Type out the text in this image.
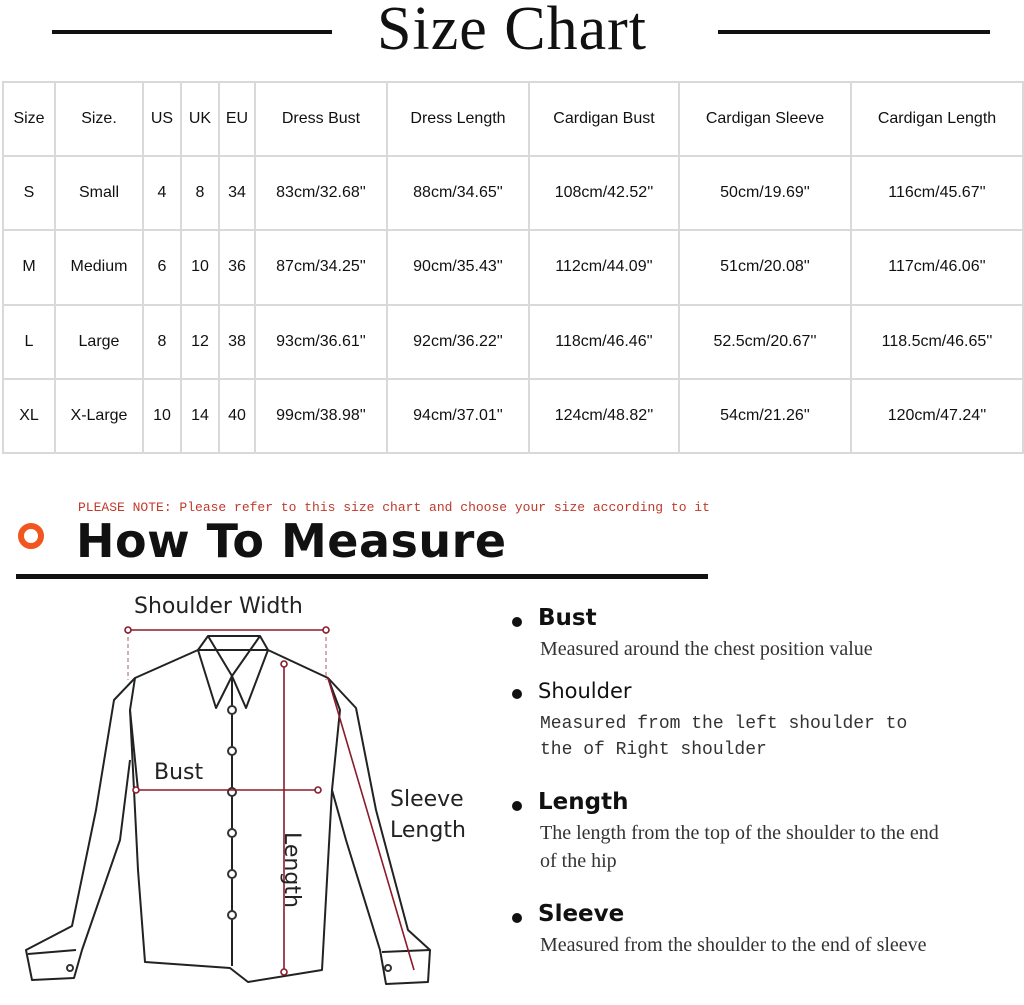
Size Chart
Size	Size.	US	UK	EU	Dress Bust	Dress Length	Cardigan Bust	Cardigan Sleeve	Cardigan Length
S	Small	4	8	34	83cm/32.68''	88cm/34.65''	108cm/42.52''	50cm/19.69''	116cm/45.67''
M	Medium	6	10	36	87cm/34.25''	90cm/35.43''	112cm/44.09''	51cm/20.08''	117cm/46.06''
L	Large	8	12	38	93cm/36.61''	92cm/36.22''	118cm/46.46''	52.5cm/20.67''	118.5cm/46.65''
XL	X-Large	10	14	40	99cm/38.98''	94cm/37.01''	124cm/48.82''	54cm/21.26''	120cm/47.24''
PLEASE NOTE: Please refer to this size chart and choose your size according to it
How To Measure
Shoulder Width
Bust
Sleeve
Length
Length
Bust
Measured around the chest position value
Shoulder
Measured from the left shoulder to the of Right shoulder
Length
The length from the top of the shoulder to the end of the hip
Sleeve
Measured from the shoulder to the end of sleeve
